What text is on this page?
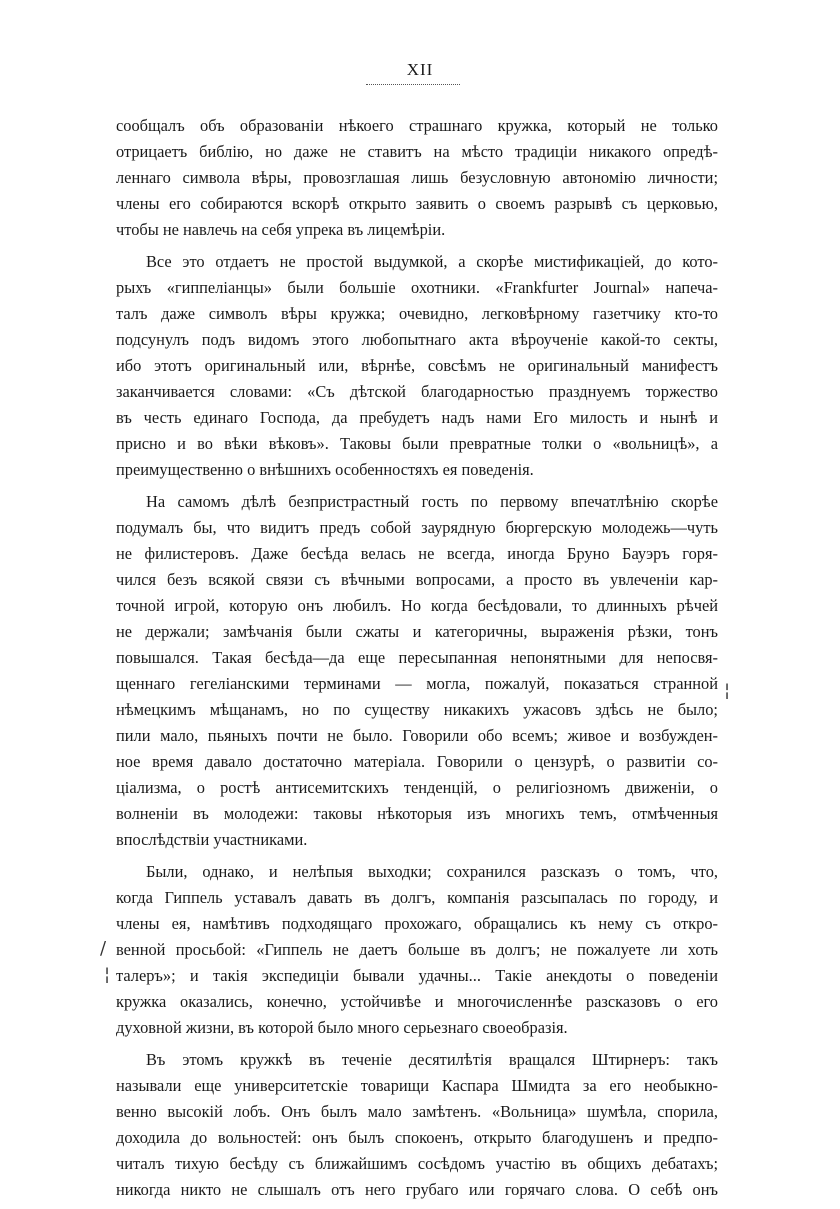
XII
сообщалъ объ образованіи нѣкоего страшнаго кружка, который не только
отрицаетъ библію, но даже не ставитъ на мѣсто традиціи никакого опредѣ-
леннаго символа вѣры, провозглашая лишь безусловную автономію личности;
члены его собираются вскорѣ открыто заявить о своемъ разрывѣ съ церковью,
чтобы не навлечь на себя упрека въ лицемѣріи.
Все это отдаетъ не простой выдумкой, а скорѣе мистификаціей, до кото-
рыхъ «гиппеліанцы» были большіе охотники. «Frankfurter Journal» напеча-
талъ даже символъ вѣры кружка; очевидно, легковѣрному газетчику кто-то
подсунулъ подъ видомъ этого любопытнаго акта вѣроученіе какой-то секты,
ибо этотъ оригинальный или, вѣрнѣе, совсѣмъ не оригинальный манифестъ
заканчивается словами: «Съ дѣтской благодарностью празднуемъ торжество
въ честь единаго Господа, да пребудетъ надъ нами Его милость и нынѣ и
присно и во вѣки вѣковъ». Таковы были превратные толки о «вольницѣ», а
преимущественно о внѣшнихъ особенностяхъ ея поведенія.
На самомъ дѣлѣ безпристрастный гость по первому впечатлѣнію скорѣе
подумалъ бы, что видитъ предъ собой заурядную бюргерскую молодежь—чуть
не филистеровъ. Даже бесѣда велась не всегда, иногда Бруно Бауэръ горя-
чился безъ всякой связи съ вѣчными вопросами, а просто въ увлеченіи кар-
точной игрой, которую онъ любилъ. Но когда бесѣдовали, то длинныхъ рѣчей
не держали; замѣчанія были сжаты и категоричны, выраженія рѣзки, тонъ
повышался. Такая бесѣда—да еще пересыпанная непонятными для непосвя-
щеннаго гегеліанскими терминами — могла, пожалуй, показаться странной
нѣмецкимъ мѣщанамъ, но по существу никакихъ ужасовъ здѣсь не было;
пили мало, пьяныхъ почти не было. Говорили обо всемъ; живое и возбужден-
ное время давало достаточно матеріала. Говорили о цензурѣ, о развитіи со-
ціализма, о ростѣ антисемитскихъ тенденцій, о религіозномъ движеніи, о
волненіи въ молодежи: таковы нѣкоторыя изъ многихъ темъ, отмѣченныя
впослѣдствіи участниками.
Были, однако, и нелѣпыя выходки; сохранился разсказъ о томъ, что,
когда Гиппель уставалъ давать въ долгъ, компанія разсыпалась по городу, и
члены ея, намѣтивъ подходящаго прохожаго, обращались къ нему съ откро-
венной просьбой: «Гиппель не даетъ больше въ долгъ; не пожалуете ли хоть
талеръ»; и такія экспедиціи бывали удачны... Такіе анекдоты о поведеніи
кружка оказались, конечно, устойчивѣе и многочисленнѣе разсказовъ о его
духовной жизни, въ которой было много серьезнаго своеобразія.
Въ этомъ кружкѣ въ теченіе десятилѣтія вращался Штирнеръ: такъ
называли еще университетскіе товарищи Каспара Шмидта за его необыкно-
венно высокій лобъ. Онъ былъ мало замѣтенъ. «Вольница» шумѣла, спорила,
доходила до вольностей: онъ былъ спокоенъ, открыто благодушенъ и предпо-
читалъ тихую бесѣду съ ближайшимъ сосѣдомъ участію въ общихъ дебатахъ;
никогда никто не слышалъ отъ него грубаго или горячаго слова. О себѣ онъ
¦
/
¦
